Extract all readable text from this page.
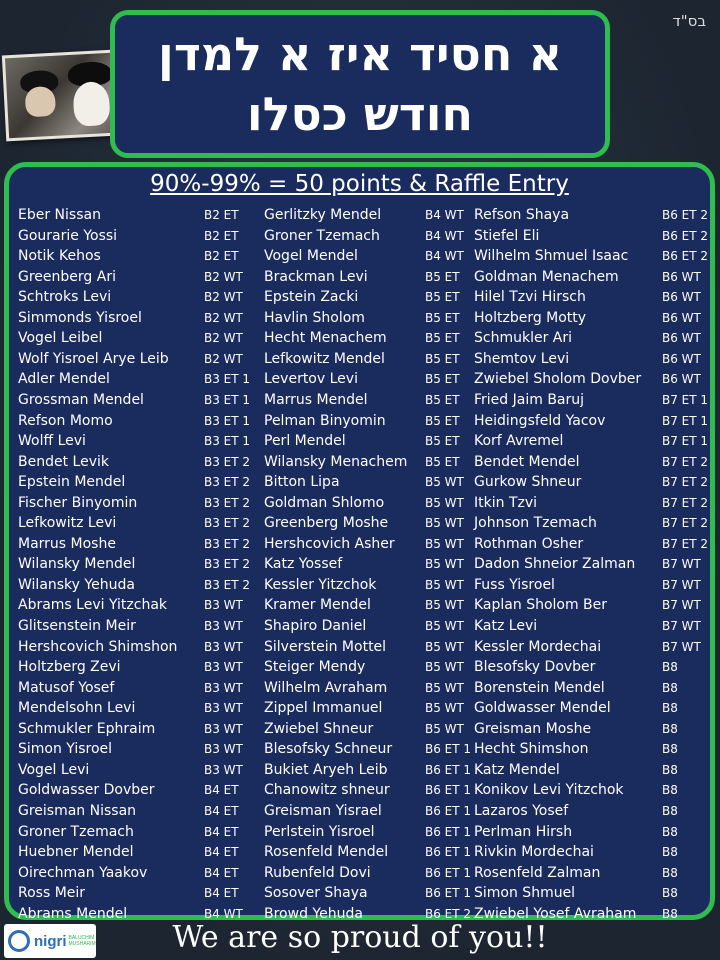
בס"ד
א חסיד איז א למדן
חודש כסלו
90%-99% = 50 points & Raffle Entry
Eber Nissan	B2 ET
Gourarie Yossi	B2 ET
Notik Kehos	B2 ET
Greenberg Ari	B2 WT
Schtroks Levi	B2 WT
Simmonds Yisroel	B2 WT
Vogel Leibel	B2 WT
Wolf Yisroel Arye Leib	B2 WT
Adler Mendel	B3 ET 1
Grossman Mendel	B3 ET 1
Refson Momo	B3 ET 1
Wolff Levi	B3 ET 1
Bendet Levik	B3 ET 2
Epstein Mendel	B3 ET 2
Fischer Binyomin	B3 ET 2
Lefkowitz Levi	B3 ET 2
Marrus Moshe	B3 ET 2
Wilansky Mendel	B3 ET 2
Wilansky Yehuda	B3 ET 2
Abrams Levi Yitzchak	B3 WT
Glitsenstein Meir	B3 WT
Hershcovich Shimshon B3 WT
Holtzberg Zevi	B3 WT
Matusof Yosef	B3 WT
Mendelsohn Levi	B3 WT
Schmukler Ephraim	B3 WT
Simon Yisroel	B3 WT
Vogel Levi	B3 WT
Goldwasser Dovber	B4 ET
Greisman Nissan	B4 ET
Groner Tzemach	B4 ET
Huebner Mendel	B4 ET
Oirechman Yaakov	B4 ET
Ross Meir	B4 ET
Abrams Mendel	B4 WT
Gerlitzky Mendel	B4 WT
Groner Tzemach	B4 WT
Vogel Mendel	B4 WT
Brackman Levi	B5 ET
Epstein Zacki	B5 ET
Havlin Sholom	B5 ET
Hecht Menachem	B5 ET
Lefkowitz Mendel	B5 ET
Levertov Levi	B5 ET
Marrus Mendel	B5 ET
Pelman Binyomin	B5 ET
Perl Mendel	B5 ET
Wilansky Menachem B5 ET
Bitton Lipa	B5 WT
Goldman Shlomo	B5 WT
Greenberg Moshe	B5 WT
Hershcovich Asher	B5 WT
Katz Yossef	B5 WT
Kessler Yitzchok	B5 WT
Kramer Mendel	B5 WT
Shapiro Daniel	B5 WT
Silverstein Mottel	B5 WT
Steiger Mendy	B5 WT
Wilhelm Avraham	B5 WT
Zippel Immanuel	B5 WT
Zwiebel Shneur	B5 WT
Blesofsky Schneur	B6 ET 1
Bukiet Aryeh Leib	B6 ET 1
Chanowitz shneur	B6 ET 1
Greisman Yisrael	B6 ET 1
Perlstein Yisroel	B6 ET 1
Rosenfeld Mendel	B6 ET 1
Rubenfeld Dovi	B6 ET 1
Sosover Shaya	B6 ET 1
Browd Yehuda	B6 ET 2
Refson Shaya	B6 ET 2
Stiefel Eli	B6 ET 2
Wilhelm Shmuel Isaac	B6 ET 2
Goldman Menachem	B6 WT
Hilel Tzvi Hirsch	B6 WT
Holtzberg Motty	B6 WT
Schmukler Ari	B6 WT
Shemtov Levi	B6 WT
Zwiebel Sholom Dovber B6 WT
Fried Jaim Baruj	B7 ET 1
Heidingsfeld Yacov	B7 ET 1
Korf Avremel	B7 ET 1
Bendet Mendel	B7 ET 2
Gurkow Shneur	B7 ET 2
Itkin Tzvi	B7 ET 2
Johnson Tzemach	B7 ET 2
Rothman Osher	B7 ET 2
Dadon Shneior Zalman B7 WT
Fuss Yisroel	B7 WT
Kaplan Sholom Ber	B7 WT
Katz Levi	B7 WT
Kessler Mordechai	B7 WT
Blesofsky Dovber	B8
Borenstein Mendel	B8
Goldwasser Mendel	B8
Greisman Moshe	B8
Hecht Shimshon	B8
Katz Mendel	B8
Konikov Levi Yitzchok	B8
Lazaros Yosef	B8
Perlman Hirsh	B8
Rivkin Mordechai	B8
Rosenfeld Zalman	B8
Simon Shmuel	B8
Zwiebel Yosef Avraham B8
nigri BALUCHIM MUSHARIM	We are so proud of you!!
